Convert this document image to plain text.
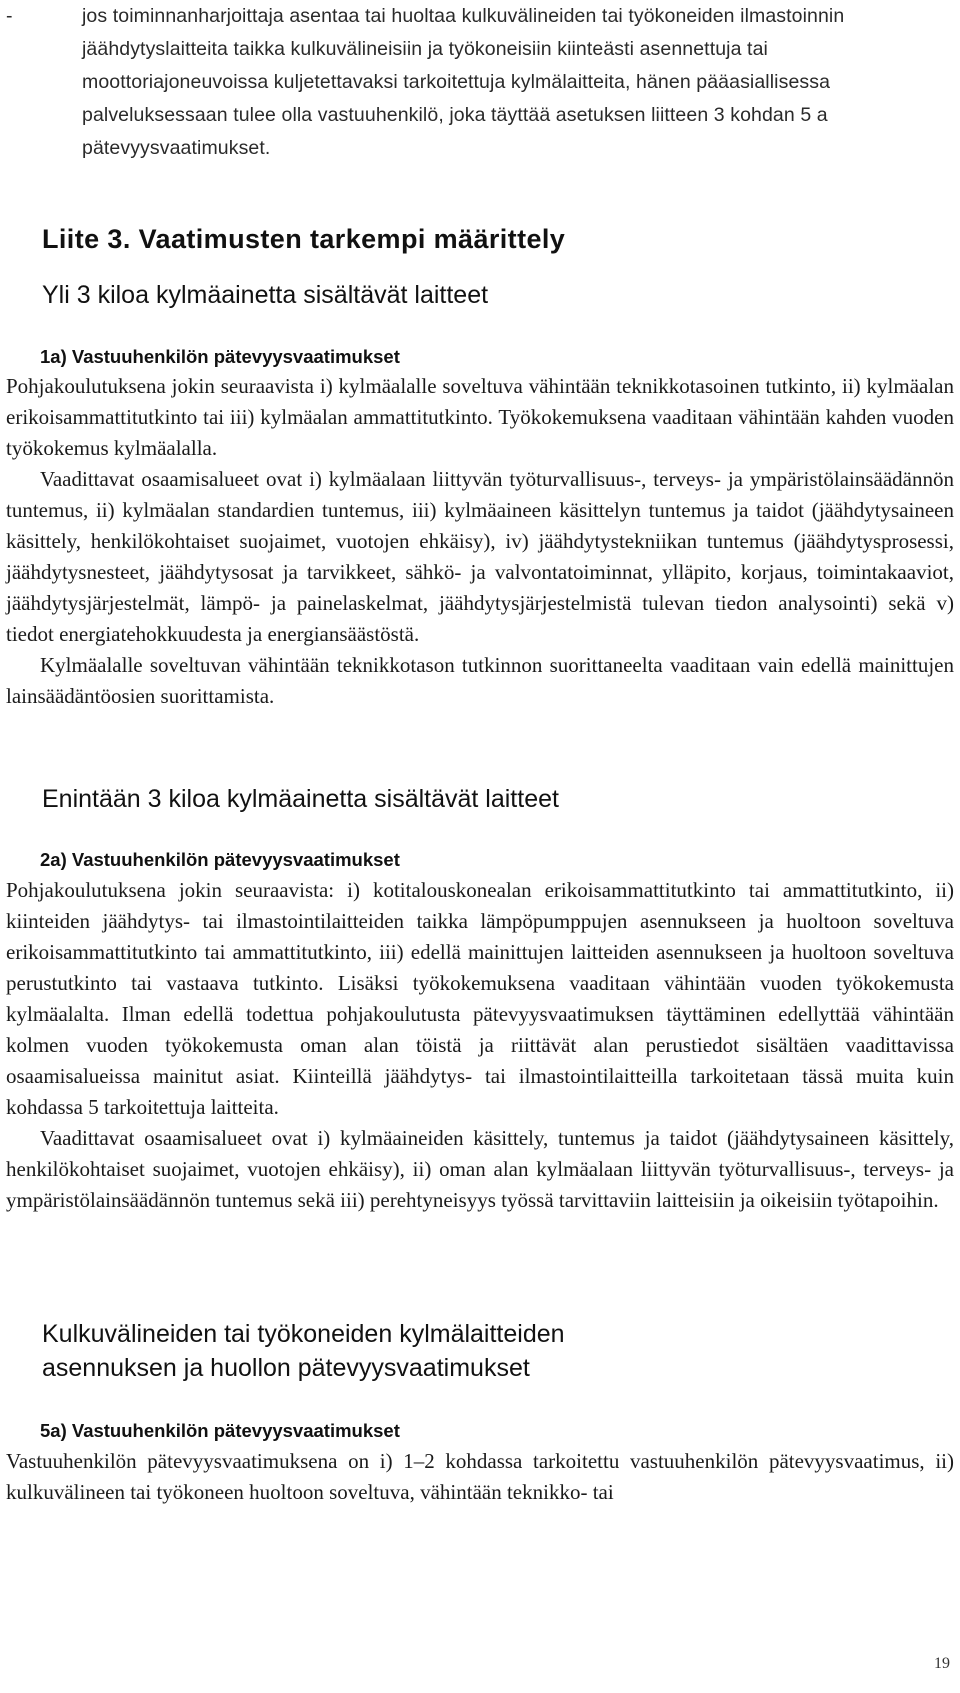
-	jos toiminnanharjoittaja asentaa tai huoltaa kulkuvälineiden tai työkoneiden ilmastoinnin jäähdytyslaitteita taikka kulkuvälineisiin ja työkoneisiin kiinteästi asennettuja tai moottoriajoneuvoissa kuljetettavaksi tarkoitettuja kylmälaitteita, hänen pääasiallisessa palveluksessaan tulee olla vastuuhenkilö, joka täyttää asetuksen liitteen 3 kohdan 5 a pätevyysvaatimukset.
Liite 3. Vaatimusten tarkempi määrittely
Yli 3 kiloa kylmäainetta sisältävät laitteet
1a) Vastuuhenkilön pätevyysvaatimukset

Pohjakoulutuksena jokin seuraavista i) kylmäalalle soveltuva vähintään teknikkotasoinen tutkinto, ii) kylmäalan erikoisammattitutkinto tai iii) kylmäalan ammattitutkinto. Työkokemuksena vaaditaan vähintään kahden vuoden työkokemus kylmäalalla.

Vaadittavat osaamisalueet ovat i) kylmäalaan liittyvän työturvallisuus-, terveys- ja ympäristölainsäädännön tuntemus, ii) kylmäalan standardien tuntemus, iii) kylmäaineen käsittelyn tuntemus ja taidot (jäähdytysaineen käsittely, henkilökohtaiset suojaimet, vuotojen ehkäisy), iv) jäähdytystekniikan tuntemus (jäähdytysprosessi, jäähdytysnesteet, jäähdytysosat ja tarvikkeet, sähkö- ja valvontatoiminnat, ylläpito, korjaus, toimintakaaviot, jäähdytysjärjestelmät, lämpö- ja painelaskelmat, jäähdytysjärjestelmistä tulevan tiedon analysointi) sekä v) tiedot energiatehokkuudesta ja energiansäästöstä.

Kylmäalalle soveltuvan vähintään teknikkotason tutkinnon suorittaneelta vaaditaan vain edellä mainittujen lainsäädäntöosien suorittamista.

Enintään 3 kiloa kylmäainetta sisältävät laitteet
2a) Vastuuhenkilön pätevyysvaatimukset

Pohjakoulutuksena jokin seuraavista: i) kotitalouskonealan erikoisammattitutkinto tai ammattitutkinto, ii) kiinteiden jäähdytys- tai ilmastointilaitteiden taikka lämpöpumppujen asennukseen ja huoltoon soveltuva erikoisammattitutkinto tai ammattitutkinto, iii) edellä mainittujen laitteiden asennukseen ja huoltoon soveltuva perustutkinto tai vastaava tutkinto. Lisäksi työkokemuksena vaaditaan vähintään vuoden työkokemusta kylmäalalta. Ilman edellä todettua pohjakoulutusta pätevyysvaatimuksen täyttäminen edellyttää vähintään kolmen vuoden työkokemusta oman alan töistä ja riittävät alan perustiedot sisältäen vaadittavissa osaamisalueissa mainitut asiat. Kiinteillä jäähdytys- tai ilmastointilaitteilla tarkoitetaan tässä muita kuin kohdassa 5 tarkoitettuja laitteita.

Vaadittavat osaamisalueet ovat i) kylmäaineiden käsittely, tuntemus ja taidot (jäähdytysaineen käsittely, henkilökohtaiset suojaimet, vuotojen ehkäisy), ii) oman alan kylmäalaan liittyvän työturvallisuus-, terveys- ja ympäristölainsäädännön tuntemus sekä iii) perehtyneisyys työssä tarvittaviin laitteisiin ja oikeisiin työtapoihin.

Kulkuvälineiden tai työkoneiden kylmälaitteiden
asennuksen ja huollon pätevyysvaatimukset
5a) Vastuuhenkilön pätevyysvaatimukset

Vastuuhenkilön pätevyysvaatimuksena on i) 1–2 kohdassa tarkoitettu vastuuhenkilön pätevyysvaatimus, ii) kulkuvälineen tai työkoneen huoltoon soveltuva, vähintään teknikko- tai

19
